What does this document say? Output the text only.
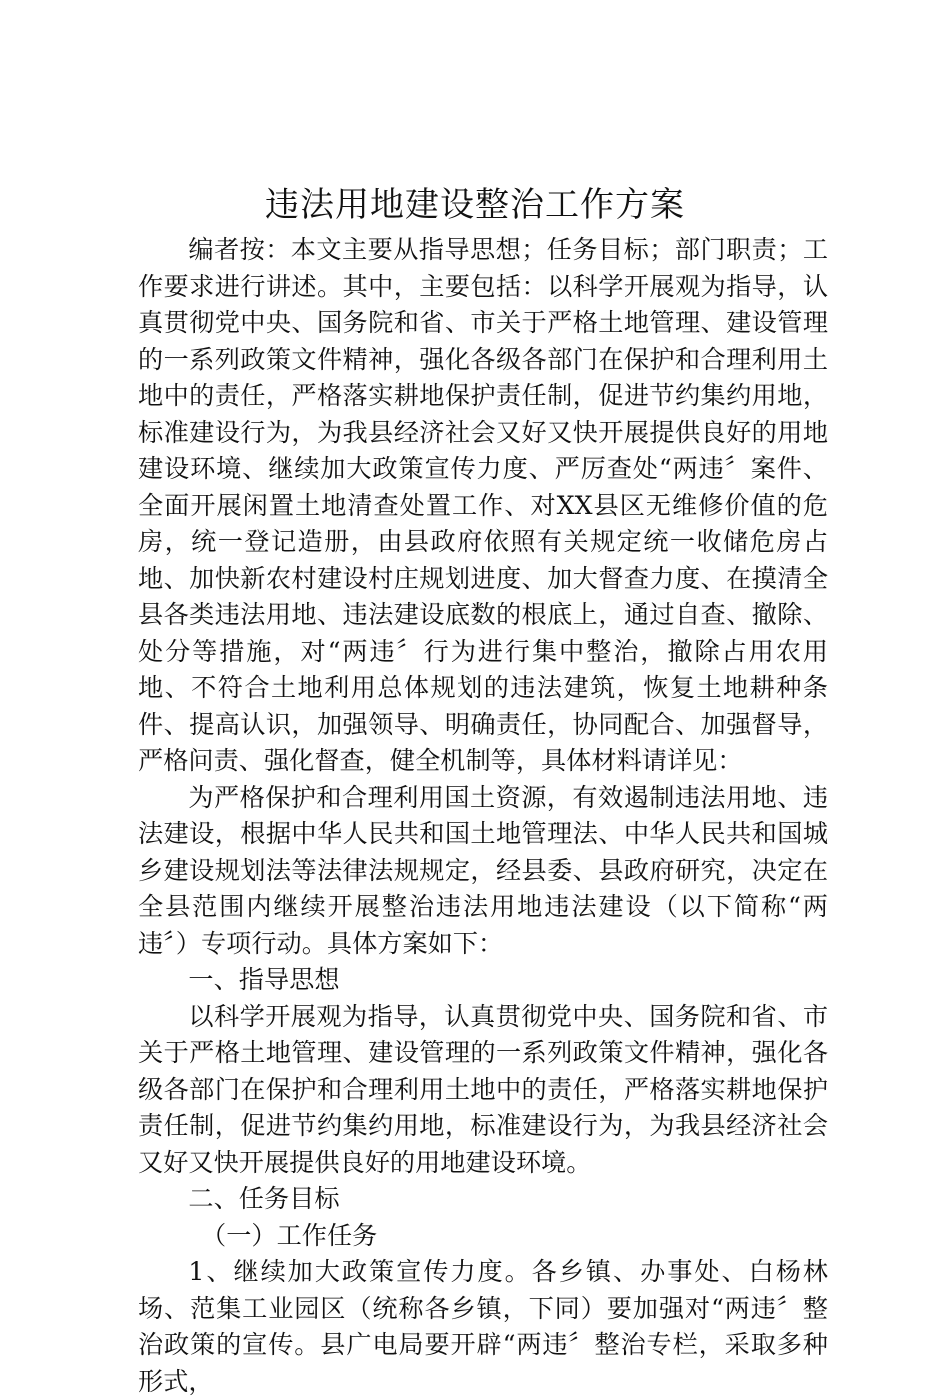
违法用地建设整治工作方案

编者按：本文主要从指导思想；任务目标；部门职责；工作要求进行讲述。其中，主要包括：以科学开展观为指导，认真贯彻党中央、国务院和省、市关于严格土地管理、建设管理的一系列政策文件精神，强化各级各部门在保护和合理利用土地中的责任，严格落实耕地保护责任制，促进节约集约用地，标准建设行为，为我县经济社会又好又快开展提供良好的用地建设环境、继续加大政策宣传力度、严厉查处“两违〞案件、全面开展闲置土地清查处置工作、对XX县区无维修价值的危房，统一登记造册，由县政府依照有关规定统一收储危房占地、加快新农村建设村庄规划进度、加大督查力度、在摸清全县各类违法用地、违法建设底数的根底上，通过自查、撤除、处分等措施，对“两违〞行为进行集中整治，撤除占用农用地、不符合土地利用总体规划的违法建筑，恢复土地耕种条件、提高认识，加强领导、明确责任，协同配合、加强督导，严格问责、强化督查，健全机制等，具体材料请详见：

为严格保护和合理利用国土资源，有效遏制违法用地、违法建设，根据中华人民共和国土地管理法、中华人民共和国城乡建设规划法等法律法规规定，经县委、县政府研究，决定在全县范围内继续开展整治违法用地违法建设（以下简称“两违〞）专项行动。具体方案如下：

一、指导思想

以科学开展观为指导，认真贯彻党中央、国务院和省、市关于严格土地管理、建设管理的一系列政策文件精神，强化各级各部门在保护和合理利用土地中的责任，严格落实耕地保护责任制，促进节约集约用地，标准建设行为，为我县经济社会又好又快开展提供良好的用地建设环境。

二、任务目标

（一）工作任务

1、继续加大政策宣传力度。各乡镇、办事处、白杨林场、范集工业园区（统称各乡镇，下同）要加强对“两违〞整治政策的宣传。县广电局要开辟“两违〞整治专栏，采取多种形式，
